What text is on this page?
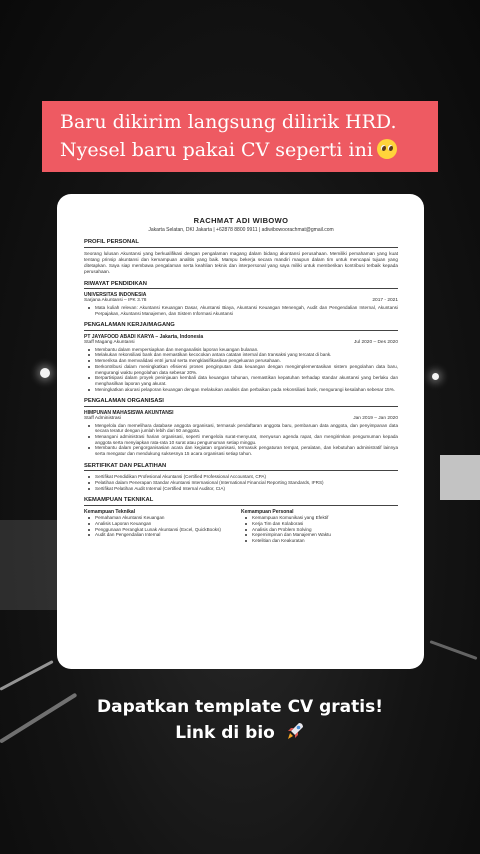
Baru dikirim langsung dilirik HRD.
Nyesel baru pakai CV seperti ini
RACHMAT ADI WIBOWO
Jakarta Selatan, DKI Jakarta | +62878 8800 9911 | adiwibowoorachmat@gmail.com
PROFIL PERSONAL
Seorang lulusan Akuntansi yang berkualifikasi dengan pengalaman magang dalam bidang akuntansi perusahaan. Memiliki pemahaman yang kuat tentang prinsip akuntansi dan kemampuan analitis yang baik. Mampu bekerja secara mandiri maupun dalam tim untuk mencapai tujuan yang ditetapkan. Saya siap membawa pengalaman serta keahlian teknis dan interpersonal yang saya miliki untuk memberikan kontribusi terbaik kepada perusahaan.
RIWAYAT PENDIDIKAN
UNIVERSITAS INDONESIA
Sarjana Akuntansi – IPK 3.78	2017 - 2021
Mata kuliah relevan: Akuntansi Keuangan Dasar, Akuntansi Biaya, Akuntansi Keuangan Menengah, Audit dan Pengendalian Internal, Akuntansi Perpajakan, Akuntansi Manajemen, dan Sistem Informasi Akuntansi
PENGALAMAN KERJA/MAGANG
PT JAYAFOOD ABADI KARYA – Jakarta, Indonesia
Staff Magang Akuntansi	Jul 2020 – Des 2020
Membantu dalam mempersiapkan dan menganalisis laporan keuangan bulanan.
Melakukan rekonsiliasi bank dan memastikan kecocokan antara catatan internal dan transaksi yang tercatat di bank.
Memeriksa dan memvalidasi entri jurnal serta mengklasifikasikan pengeluaran perusahaan.
Berkontribusi dalam meningkatkan efisiensi proses penginputan data keuangan dengan mengimplementasikan sistem pengolahan data baru, mengurangi waktu pengolahan data sebesar 20%.
Berpartisipasi dalam proyek peninjauan kembali data keuangan tahunan, memastikan kepatuhan terhadap standar akuntansi yang berlaku dan menghasilkan laporan yang akurat.
Meningkatkan akurasi pelaporan keuangan dengan melakukan analisis dan perbaikan pada rekonsiliasi bank, mengurangi kesalahan sebesar 15%.
PENGALAMAN ORGANISASI
HIMPUNAN MAHASISWA AKUNTANSI
Staff Administrasi	Jan 2019 – Jan 2020
Mengelola dan memelihara database anggota organisasi, termasuk pendaftaran anggota baru, pembaruan data anggota, dan penyimpanan data secara teratur dengan jumlah lebih dari 50 anggota.
Menangani administrasi harian organisasi, seperti mengelola surat-menyurat, menyusun agenda rapat, dan mengirimkan pengumuman kepada anggota serta menyiapkan rata-rata 10 surat atau pengumuman setiap minggu.
Membantu dalam pengorganisasian acara dan kegiatan organisasi, termasuk pengaturan tempat, peralatan, dan kebutuhan administratif lainnya serta mengatur dan mendukung suksesnya 15 acara organisasi setiap tahun.
SERTIFIKAT DAN PELATIHAN
Sertifikat Pendidikan Profesional Akuntansi (Certified Professional Accountant, CPA)
Pelatihan dalam Penerapan Standar Akuntansi Internasional (International Financial Reporting Standards, IFRS)
Sertifikat Pelatihan Audit Internal (Certified Internal Auditor, CIA)
KEMAMPUAN TEKNIKAL
Kemampuan Teknikal
Pemahaman Akuntansi Keuangan
Analisis Laporan Keuangan
Penggunaan Perangkat Lunak Akuntansi (Excel, QuickBooks)
Audit dan Pengendalian Internal
Kemampuan Personal
Kemampuan Komunikasi yang Efektif
Kerja Tim dan Kolaborasi
Analisis dan Problem Solving
Kepemimpinan dan Manajemen Waktu
Ketelitian dan Keakuratan
Dapatkan template CV gratis!
Link di bio
